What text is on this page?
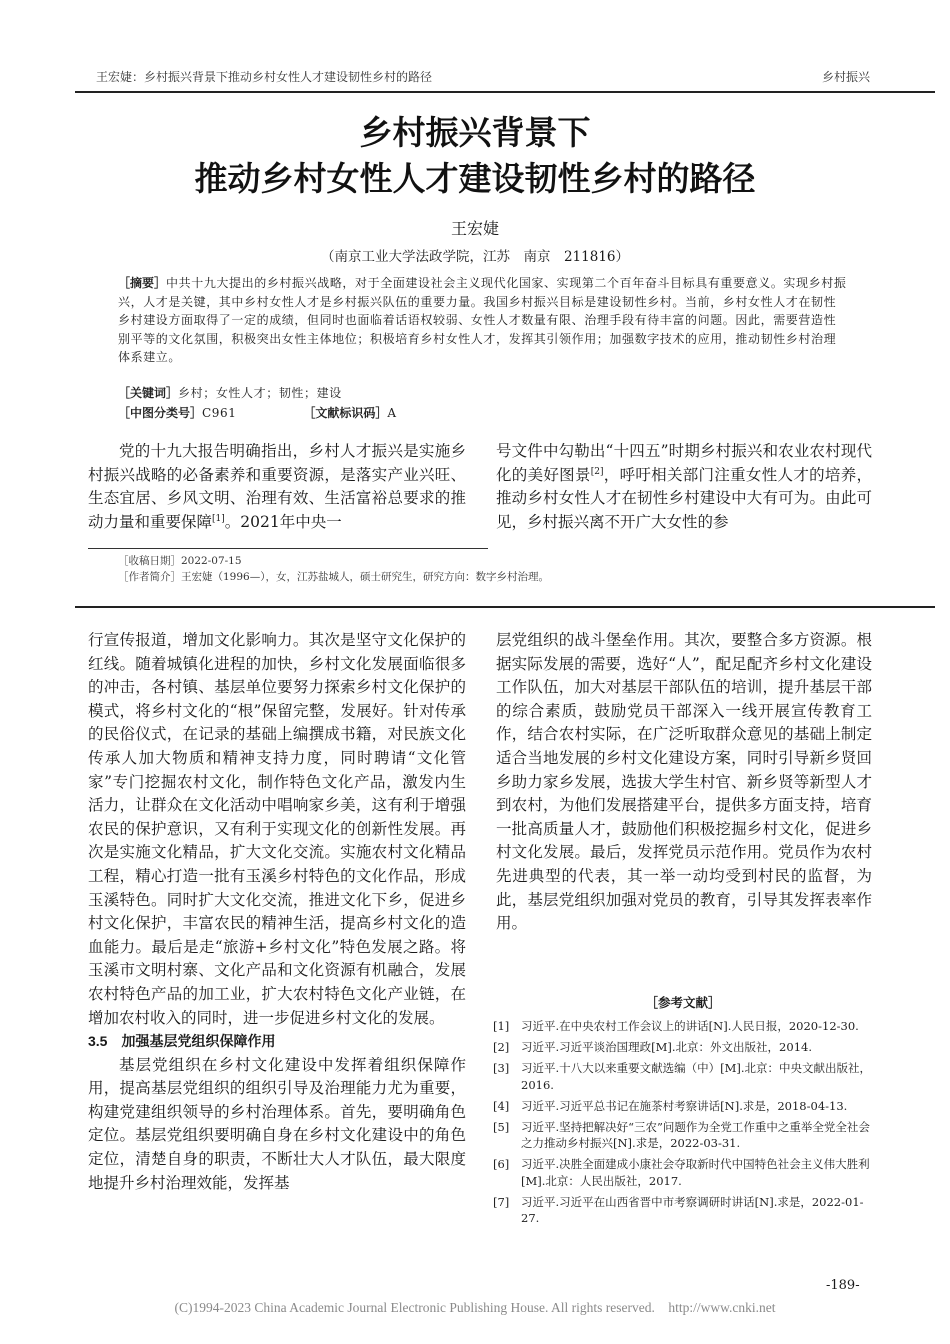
王宏婕：乡村振兴背景下推动乡村女性人才建设韧性乡村的路径	乡村振兴
乡村振兴背景下
推动乡村女性人才建设韧性乡村的路径
王宏婕
（南京工业大学法政学院，江苏　南京　211816）
［摘要］中共十九大提出的乡村振兴战略，对于全面建设社会主义现代化国家、实现第二个百年奋斗目标具有重要意义。实现乡村振兴，人才是关键，其中乡村女性人才是乡村振兴队伍的重要力量。我国乡村振兴目标是建设韧性乡村。当前，乡村女性人才在韧性乡村建设方面取得了一定的成绩，但同时也面临着话语权较弱、女性人才数量有限、治理手段有待丰富的问题。因此，需要营造性别平等的文化氛围，积极突出女性主体地位；积极培育乡村女性人才，发挥其引领作用；加强数字技术的应用，推动韧性乡村治理体系建立。
［关键词］乡村；女性人才；韧性；建设
［中图分类号］C961	［文献标识码］A
党的十九大报告明确指出，乡村人才振兴是实施乡村振兴战略的必备素养和重要资源，是落实产业兴旺、生态宜居、乡风文明、治理有效、生活富裕总要求的推动力量和重要保障[1]。2021年中央一
号文件中勾勒出“十四五”时期乡村振兴和农业农村现代化的美好图景[2]，呼吁相关部门注重女性人才的培养，推动乡村女性人才在韧性乡村建设中大有可为。由此可见，乡村振兴离不开广大女性的参
［收稿日期］2022-07-15
［作者简介］王宏婕（1996—），女，江苏盐城人，硕士研究生，研究方向：数字乡村治理。

行宣传报道，增加文化影响力。其次是坚守文化保护的红线。随着城镇化进程的加快，乡村文化发展面临很多的冲击，各村镇、基层单位要努力探索乡村文化保护的模式，将乡村文化的“根”保留完整，发展好。针对传承的民俗仪式，在记录的基础上编撰成书籍，对民族文化传承人加大物质和精神支持力度，同时聘请“文化管家”专门挖掘农村文化，制作特色文化产品，激发内生活力，让群众在文化活动中唱响家乡美，这有利于增强农民的保护意识，又有利于实现文化的创新性发展。再次是实施文化精品，扩大文化交流。实施农村文化精品工程，精心打造一批有玉溪乡村特色的文化作品，形成玉溪特色。同时扩大文化交流，推进文化下乡，促进乡村文化保护，丰富农民的精神生活，提高乡村文化的造血能力。最后是走“旅游+乡村文化”特色发展之路。将玉溪市文明村寨、文化产品和文化资源有机融合，发展农村特色产品的加工业，扩大农村特色文化产业链，在增加农村收入的同时，进一步促进乡村文化的发展。

3.5　加强基层党组织保障作用

基层党组织在乡村文化建设中发挥着组织保障作用，提高基层党组织的组织引导及治理能力尤为重要，构建党建组织领导的乡村治理体系。首先，要明确角色定位。基层党组织要明确自身在乡村文化建设中的角色定位，清楚自身的职责，不断壮大人才队伍，最大限度地提升乡村治理效能，发挥基

层党组织的战斗堡垒作用。其次，要整合多方资源。根据实际发展的需要，选好“人”，配足配齐乡村文化建设工作队伍，加大对基层干部队伍的培训，提升基层干部的综合素质，鼓励党员干部深入一线开展宣传教育工作，结合农村实际，在广泛听取群众意见的基础上制定适合当地发展的乡村文化建设方案，同时引导新乡贤回乡助力家乡发展，选拔大学生村官、新乡贤等新型人才到农村，为他们发展搭建平台，提供多方面支持，培育一批高质量人才，鼓励他们积极挖掘乡村文化，促进乡村文化发展。最后，发挥党员示范作用。党员作为农村先进典型的代表，其一举一动均受到村民的监督，为此，基层党组织加强对党员的教育，引导其发挥表率作用。

［参考文献］
[1]	习近平.在中央农村工作会议上的讲话[N].人民日报，2020-12-30.
[2]	习近平.习近平谈治国理政[M].北京：外文出版社，2014.
[3]	习近平.十八大以来重要文献选编（中）[M].北京：中央文献出版社，2016.
[4]	习近平.习近平总书记在施茶村考察讲话[N].求是，2018-04-13.
[5]	习近平.坚持把解决好“三农”问题作为全党工作重中之重举全党全社会之力推动乡村振兴[N].求是，2022-03-31.
[6]	习近平.决胜全面建成小康社会夺取新时代中国特色社会主义伟大胜利[M].北京：人民出版社，2017.
[7]	习近平.习近平在山西省晋中市考察调研时讲话[N].求是，2022-01-27.
-189-
(C)1994-2023 China Academic Journal Electronic Publishing House. All rights reserved.　http://www.cnki.net
